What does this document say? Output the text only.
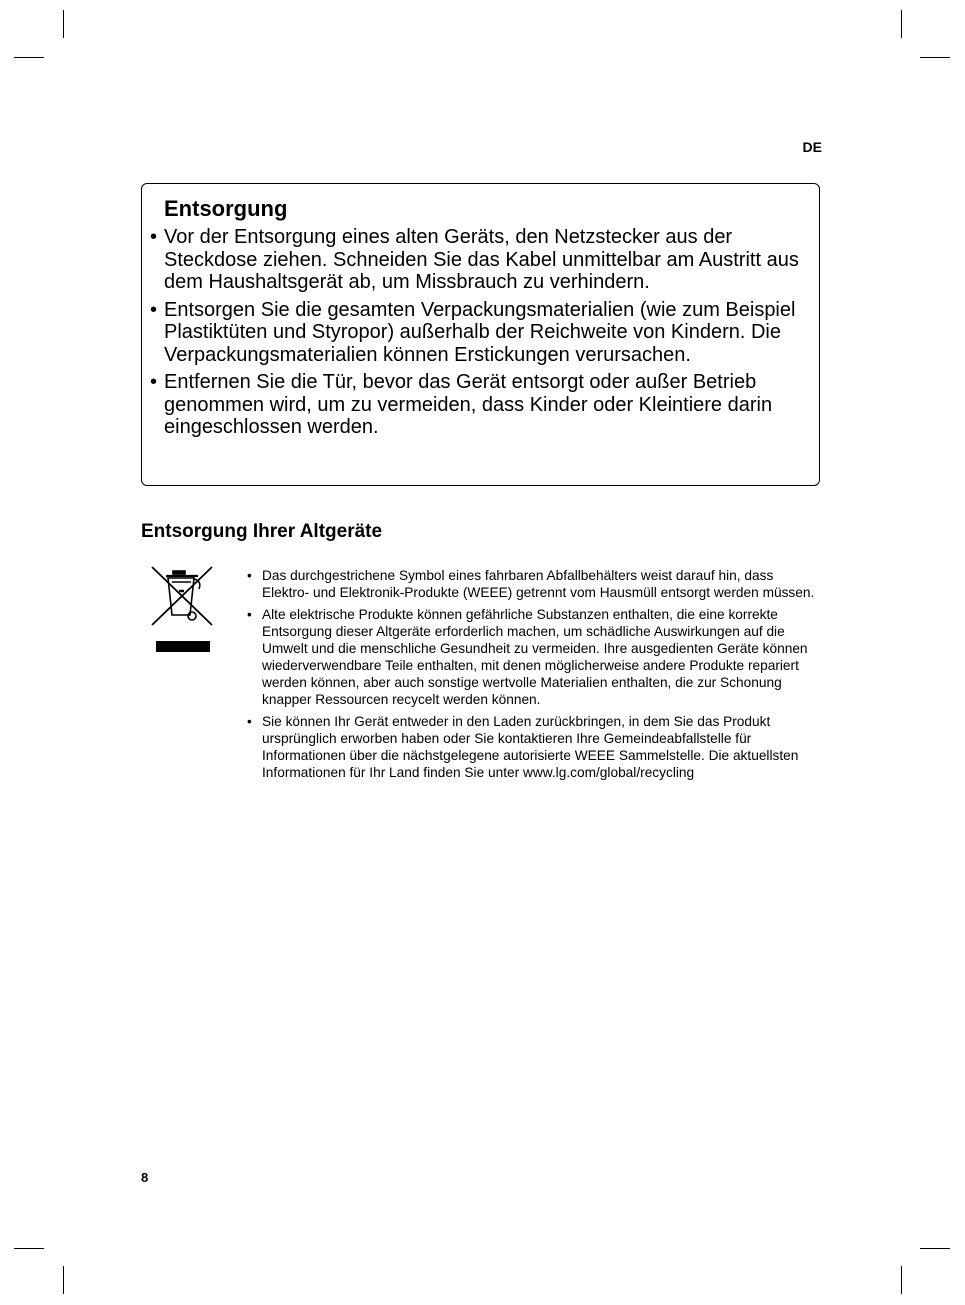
DE
Entsorgung
• Vor der Entsorgung eines alten Geräts, den Netzstecker aus der Steckdose ziehen. Schneiden Sie das Kabel unmittelbar am Austritt aus dem Haushaltsgerät ab, um Missbrauch zu verhindern.
• Entsorgen Sie die gesamten Verpackungsmaterialien (wie zum Beispiel Plastiktüten und Styropor) außerhalb der Reichweite von Kindern. Die Verpackungsmaterialien können Erstickungen verursachen.
• Entfernen Sie die Tür, bevor das Gerät entsorgt oder außer Betrieb genommen wird, um zu vermeiden, dass Kinder oder Kleintiere darin eingeschlossen werden.
Entsorgung Ihrer Altgeräte
• Das durchgestrichene Symbol eines fahrbaren Abfallbehälters weist darauf hin, dass Elektro- und Elektronik-Produkte (WEEE) getrennt vom Hausmüll entsorgt werden müssen.
• Alte elektrische Produkte können gefährliche Substanzen enthalten, die eine korrekte Entsorgung dieser Altgeräte erforderlich machen, um schädliche Auswirkungen auf die Umwelt und die menschliche Gesundheit zu vermeiden. Ihre ausgedienten Geräte können wiederverwendbare Teile enthalten, mit denen möglicherweise andere Produkte repariert werden können, aber auch sonstige wertvolle Materialien enthalten, die zur Schonung knapper Ressourcen recycelt werden können.
• Sie können Ihr Gerät entweder in den Laden zurückbringen, in dem Sie das Produkt ursprünglich erworben haben oder Sie kontaktieren Ihre Gemeindeabfallstelle für Informationen über die nächstgelegene autorisierte WEEE Sammelstelle. Die aktuellsten Informationen für Ihr Land finden Sie unter www.lg.com/global/recycling
8
